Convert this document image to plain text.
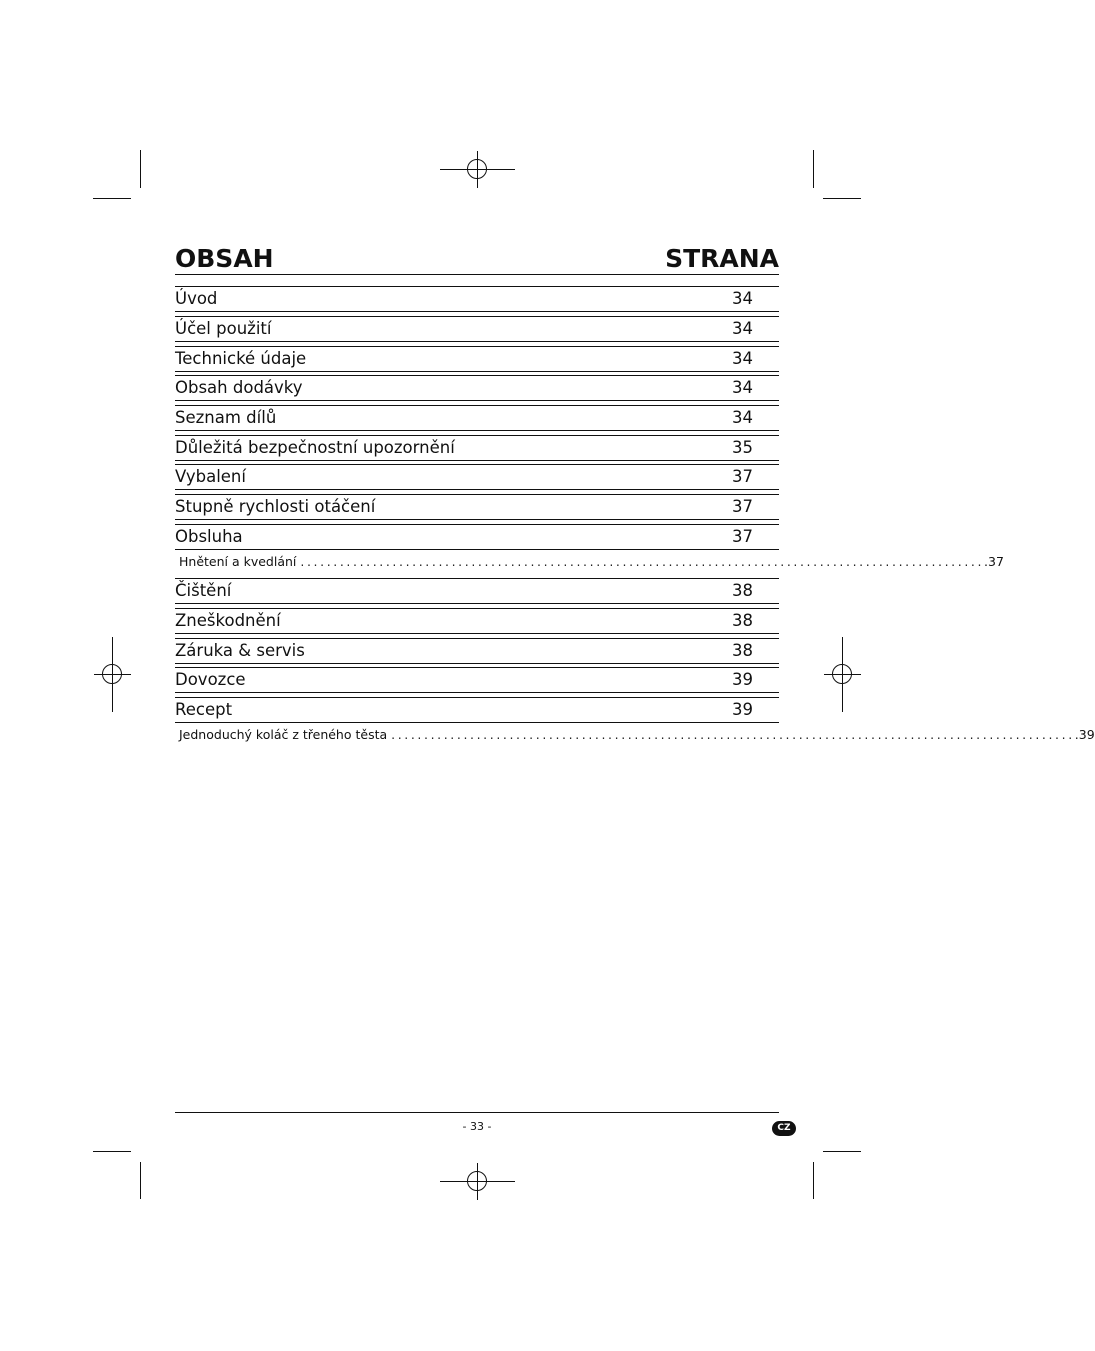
OBSAH	STRANA
Úvod	34
Účel použití	34
Technické údaje	34
Obsah dodávky	34
Seznam dílů	34
Důležitá bezpečnostní upozornění	35
Vybalení	37
Stupně rychlosti otáčení	37
Obsluha	37
Hnětení a kvedlání ........................................................................................................ .37
Čištění	38
Zneškodnění	38
Záruka & servis	38
Dovozce	39
Recept	39
Jednoduchý koláč z třeného těsta ........................................................................................................ .39
- 33 -	CZ
